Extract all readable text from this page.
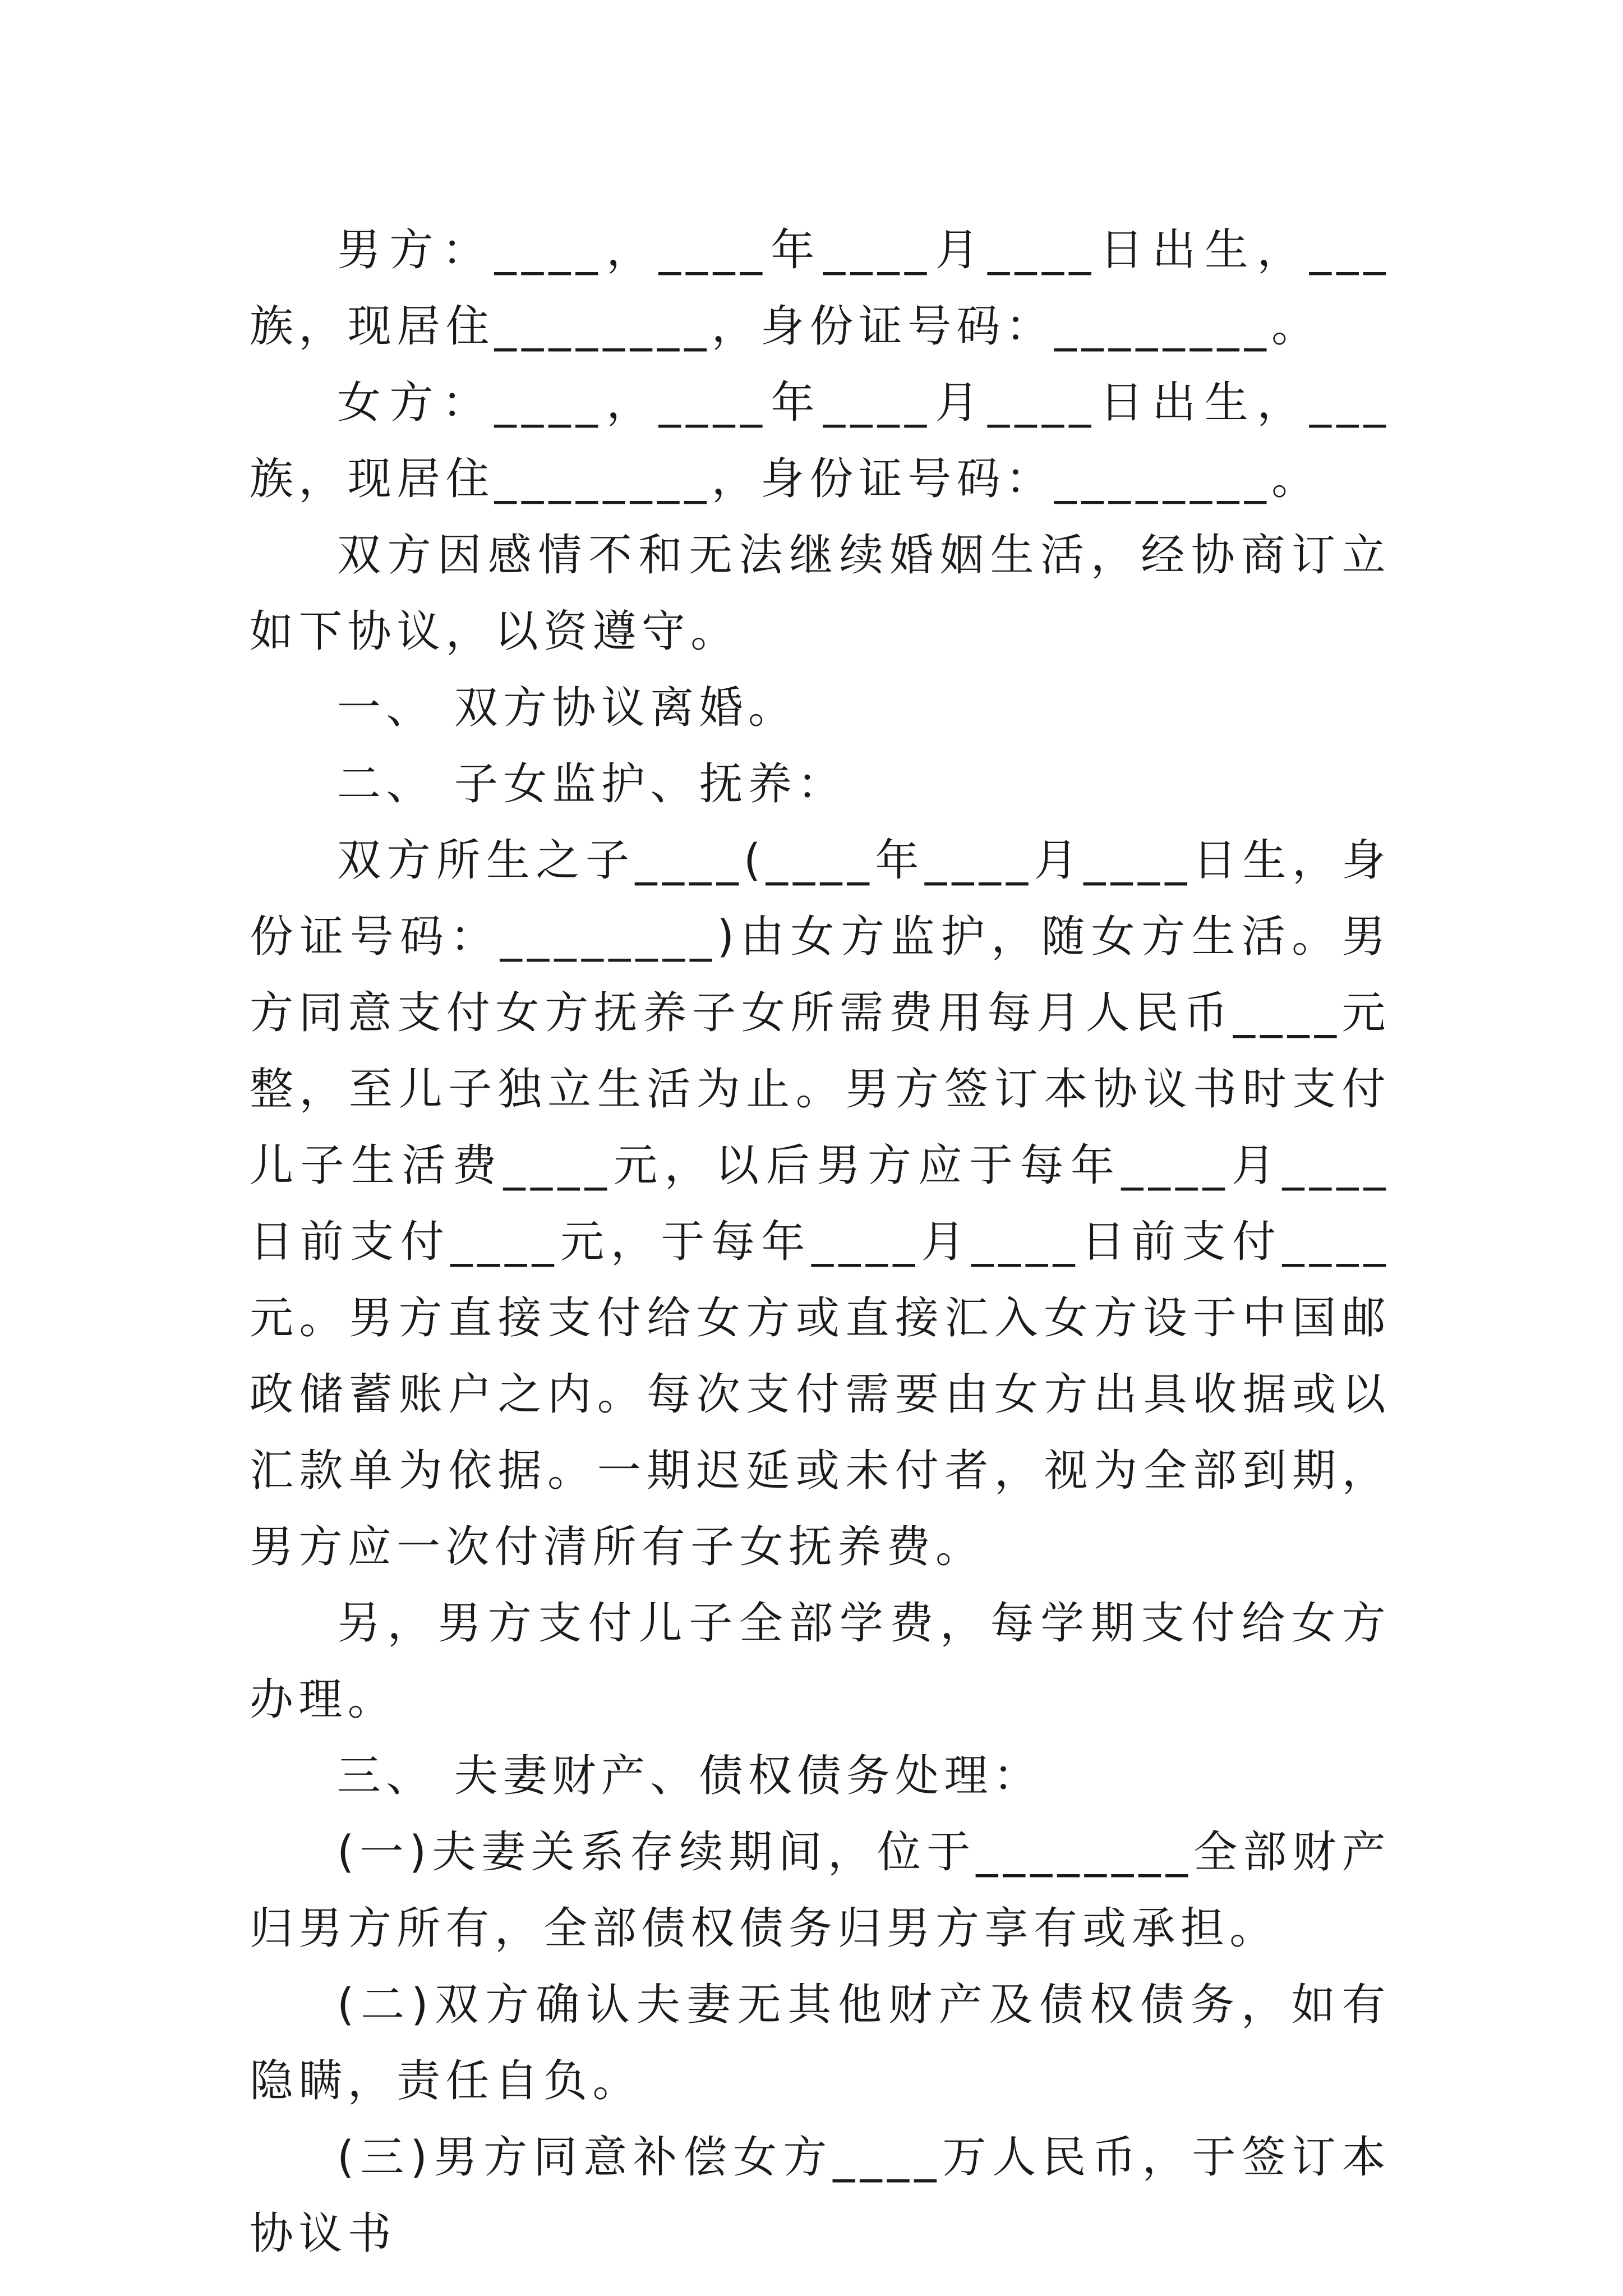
男方：____，____年____月____日出生，___族，现居住________，身份证号码：________。

女方：____，____年____月____日出生，___族，现居住________，身份证号码：________。

双方因感情不和无法继续婚姻生活，经协商订立如下协议，以资遵守。

一、 双方协议离婚。

二、 子女监护、抚养：

双方所生之子____(____年____月____日生，身份证号码：________)由女方监护，随女方生活。男方同意支付女方抚养子女所需费用每月人民币____元整，至儿子独立生活为止。男方签订本协议书时支付儿子生活费____元，以后男方应于每年____月____日前支付____元，于每年____月____日前支付____元。男方直接支付给女方或直接汇入女方设于中国邮政储蓄账户之内。每次支付需要由女方出具收据或以汇款单为依据。一期迟延或未付者，视为全部到期，男方应一次付清所有子女抚养费。

另，男方支付儿子全部学费，每学期支付给女方办理。

三、 夫妻财产、债权债务处理：

(一)夫妻关系存续期间，位于________全部财产归男方所有，全部债权债务归男方享有或承担。

(二)双方确认夫妻无其他财产及债权债务，如有隐瞒，责任自负。

(三)男方同意补偿女方____万人民币，于签订本协议书
